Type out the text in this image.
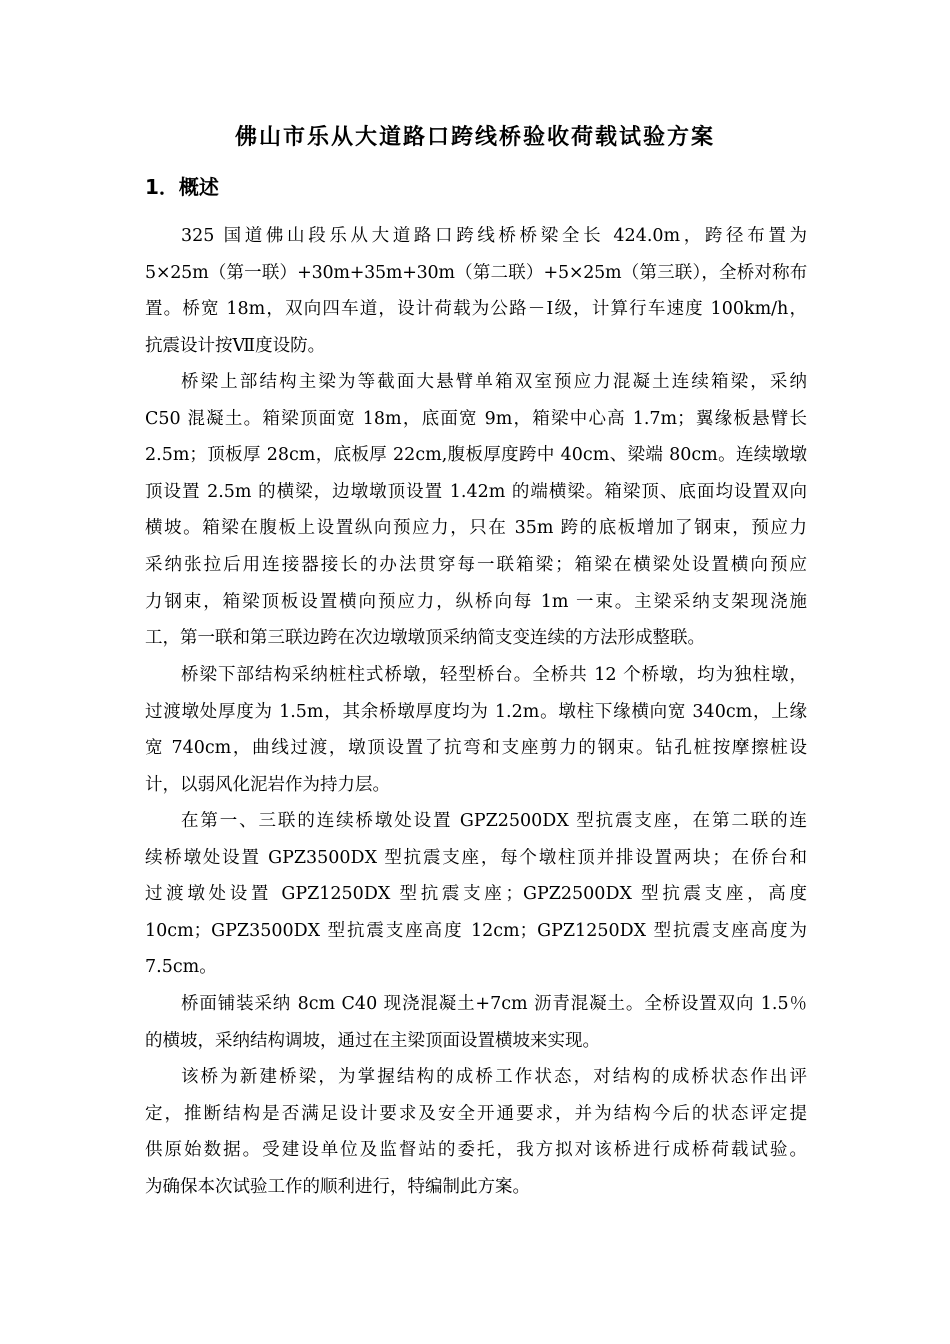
佛山市乐从大道路口跨线桥验收荷载试验方案
1．概述
325 国道佛山段乐从大道路口跨线桥桥梁全长 424.0m，跨径布置为
5×25m（第一联）+30m+35m+30m（第二联）+5×25m（第三联），全桥对称布
置。桥宽 18m，双向四车道，设计荷载为公路－Ⅰ级，计算行车速度 100km/h，
抗震设计按Ⅶ度设防。
桥梁上部结构主梁为等截面大悬臂单箱双室预应力混凝土连续箱梁，采纳
C50 混凝土。箱梁顶面宽 18m，底面宽 9m，箱梁中心高 1.7m；翼缘板悬臂长
2.5m；顶板厚 28cm，底板厚 22cm,腹板厚度跨中 40cm、梁端 80cm。连续墩墩
顶设置 2.5m 的横梁，边墩墩顶设置 1.42m 的端横梁。箱梁顶、底面均设置双向
横坡。箱梁在腹板上设置纵向预应力，只在 35m 跨的底板增加了钢束，预应力
采纳张拉后用连接器接长的办法贯穿每一联箱梁；箱梁在横梁处设置横向预应
力钢束，箱梁顶板设置横向预应力，纵桥向每 1m 一束。主梁采纳支架现浇施
工，第一联和第三联边跨在次边墩墩顶采纳简支变连续的方法形成整联。
桥梁下部结构采纳桩柱式桥墩，轻型桥台。全桥共 12 个桥墩，均为独柱墩，
过渡墩处厚度为 1.5m，其余桥墩厚度均为 1.2m。墩柱下缘横向宽 340cm，上缘
宽 740cm，曲线过渡，墩顶设置了抗弯和支座剪力的钢束。钻孔桩按摩擦桩设
计，以弱风化泥岩作为持力层。
在第一、三联的连续桥墩处设置 GPZ2500DX 型抗震支座，在第二联的连
续桥墩处设置 GPZ3500DX 型抗震支座，每个墩柱顶并排设置两块；在侨台和
过渡墩处设置 GPZ1250DX 型抗震支座；GPZ2500DX 型抗震支座，高度
10cm；GPZ3500DX 型抗震支座高度 12cm；GPZ1250DX 型抗震支座高度为
7.5cm。
桥面铺装采纳 8cm C40 现浇混凝土+7cm 沥青混凝土。全桥设置双向 1.5％
的横坡，采纳结构调坡，通过在主梁顶面设置横坡来实现。
该桥为新建桥梁，为掌握结构的成桥工作状态，对结构的成桥状态作出评
定，推断结构是否满足设计要求及安全开通要求，并为结构今后的状态评定提
供原始数据。受建设单位及监督站的委托，我方拟对该桥进行成桥荷载试验。
为确保本次试验工作的顺利进行，特编制此方案。
